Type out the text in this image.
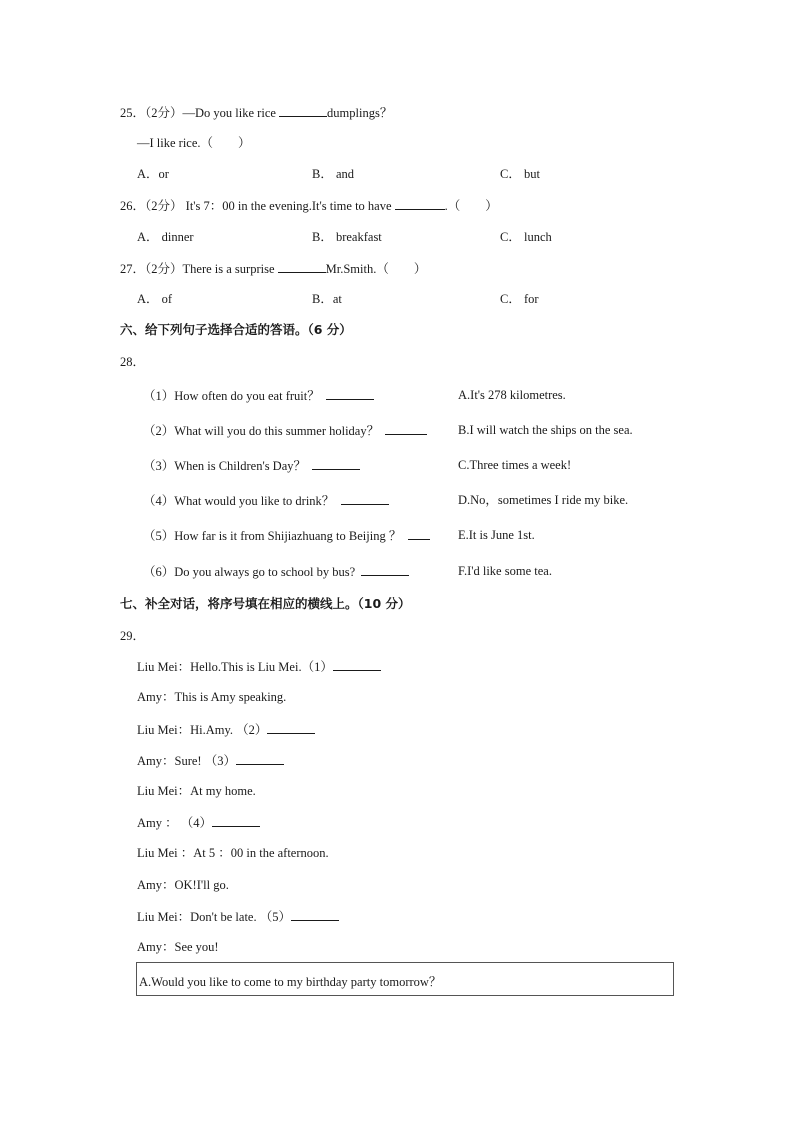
25．（2分）—Do you like rice	dumplings？
—I like rice.（　　）
A．or	B． and	C． but
26．（2分） It's 7：00 in the evening.It's time to have	.（　　）
A． dinner	B． breakfast	C． lunch
27．（2分）There is a surprise	Mr.Smith.（　　）
A． of	B．at	C． for
六、给下列句子选择合适的答语。（6 分）
28．
（1）How often do you eat fruit？	A.It's 278 kilometres.
（2）What will you do this summer holiday？	B.I will watch the ships on the sea.
（3）When is Children's Day？	C.Three times a week!
（4）What would you like to drink？	D.No，sometimes I ride my bike.
（5）How far is it from Shijiazhuang to Beijing ？	E.It is June 1st.
（6）Do you always go to school by bus?	F.I'd like some tea.
七、补全对话，将序号填在相应的横线上。（10 分）
29．
Liu Mei：Hello.This is Liu Mei.（1）
Amy：This is Amy speaking.
Liu Mei：Hi.Amy. （2）
Amy：Sure! （3）
Liu Mei：At my home.
Amy ： （4）
Liu Mei ：At 5 ：00 in the afternoon.
Amy：OK!I'll go.
Liu Mei：Don't be late. （5）
Amy：See you!
A.Would you like to come to my birthday party tomorrow？
